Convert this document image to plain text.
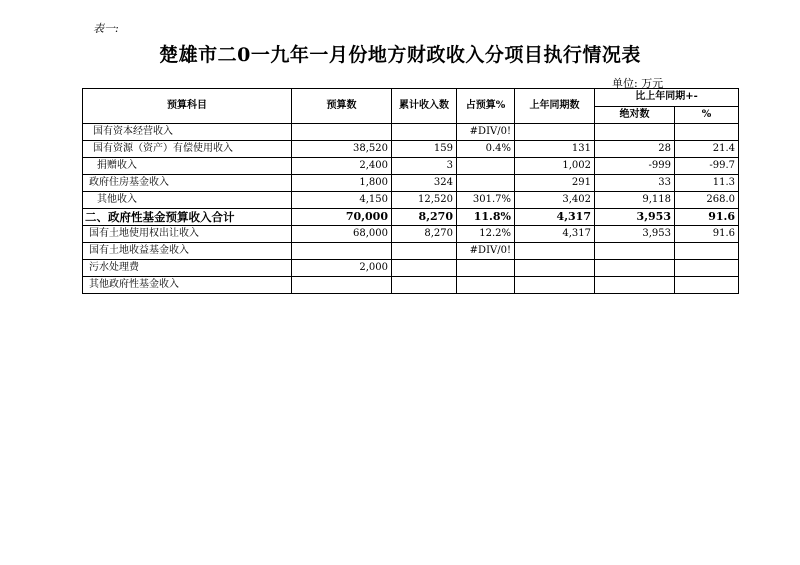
表一:
楚雄市二0一九年一月份地方财政收入分项目执行情况表
单位: 万元
预算科目	预算数	累计收入数	占预算%	上年同期数	比上年同期+-	
					绝对数	%
国有资本经营收入			#DIV/0!			
国有资源（资产）有偿使用收入	38,520	159	0.4%	131	28	21.4
捐赠收入	2,400	3		1,002	-999	-99.7
政府住房基金收入	1,800	324		291	33	11.3
其他收入	4,150	12,520	301.7%	3,402	9,118	268.0
二、政府性基金预算收入合计	70,000	8,270	11.8%	4,317	3,953	91.6
国有土地使用权出让收入	68,000	8,270	12.2%	4,317	3,953	91.6
国有土地收益基金收入			#DIV/0!			
污水处理费	2,000					
其他政府性基金收入						
